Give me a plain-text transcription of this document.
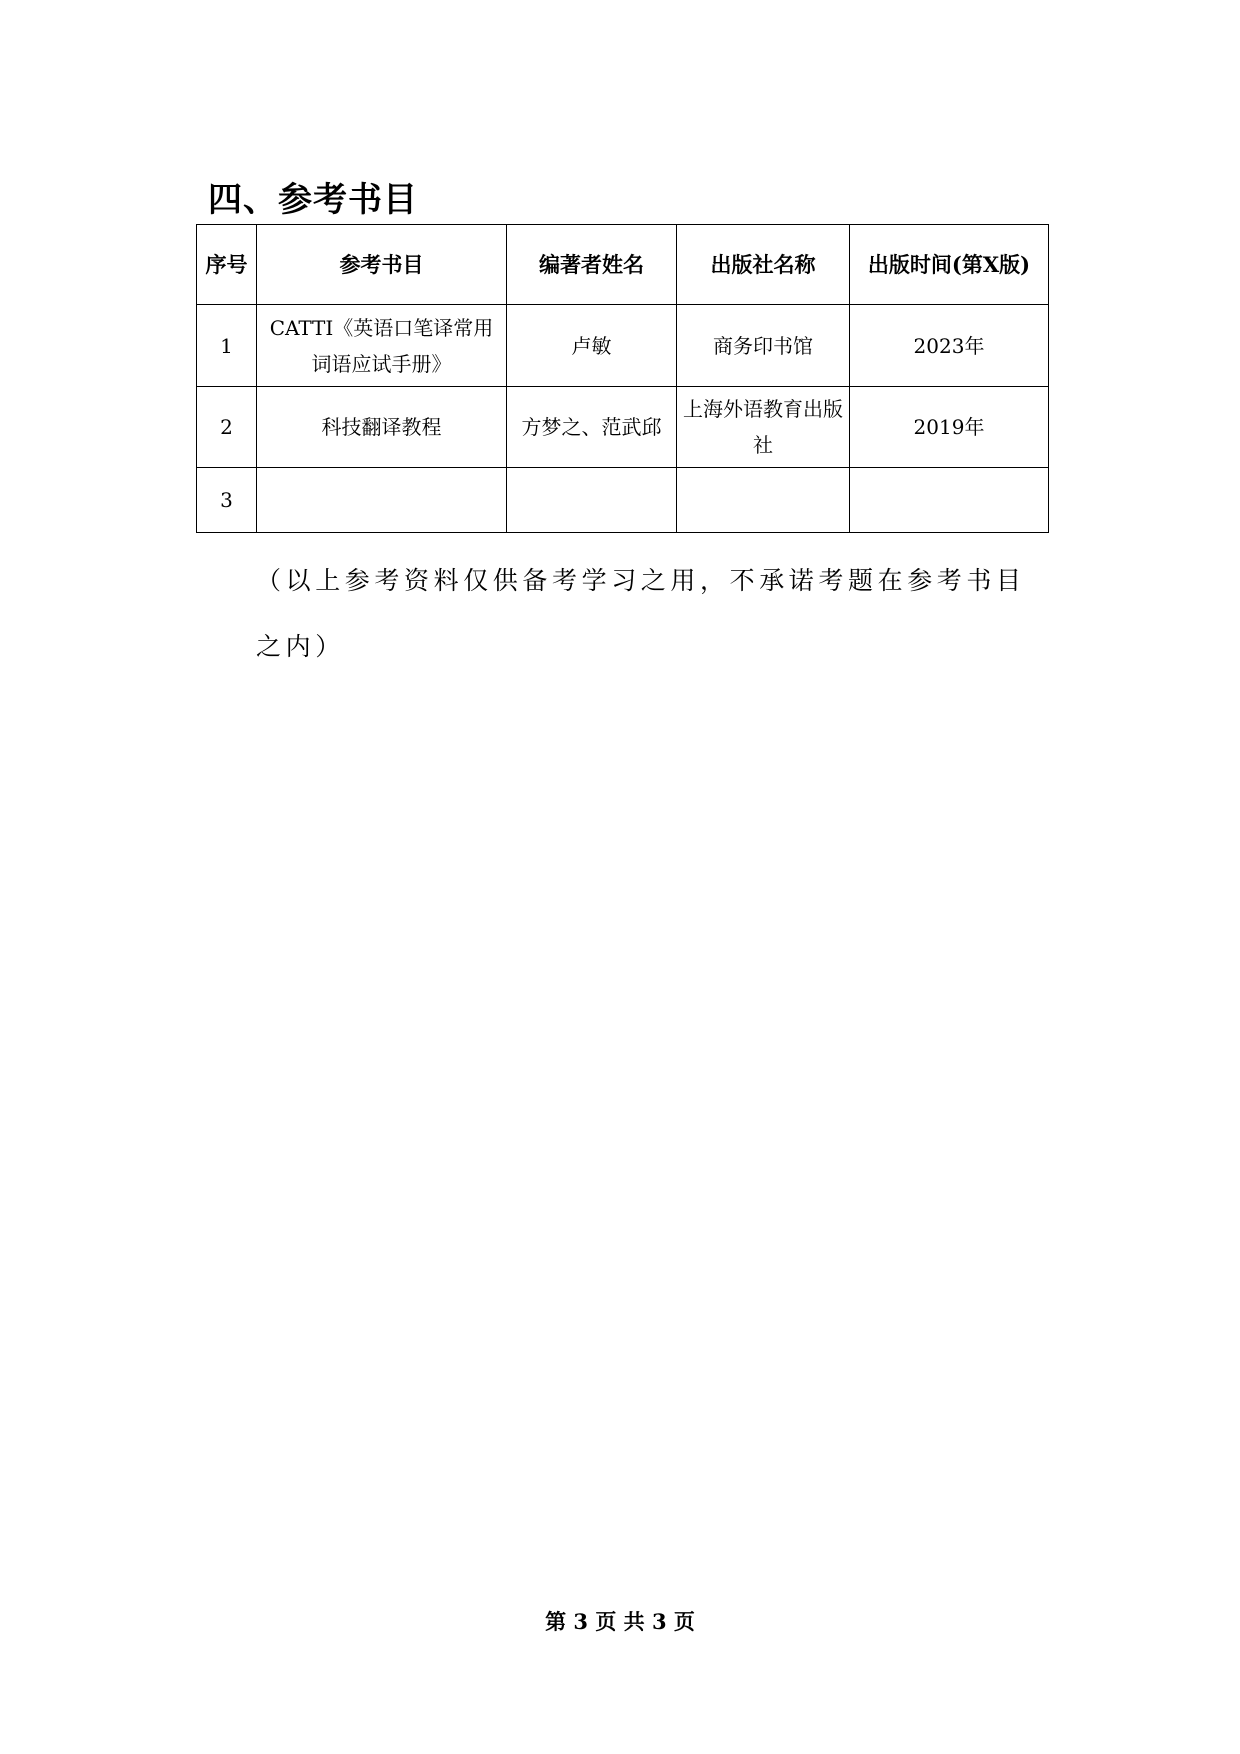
四、参考书目
序号	参考书目	编著者姓名	出版社名称	出版时间(第X版)
1	CATTI《英语口笔译常用词语应试手册》	卢敏	商务印书馆	2023年
2	科技翻译教程	方梦之、范武邱	上海外语教育出版社	2019年
3				

（以上参考资料仅供备考学习之用，不承诺考题在参考书目之内）

第 3 页 共 3 页
